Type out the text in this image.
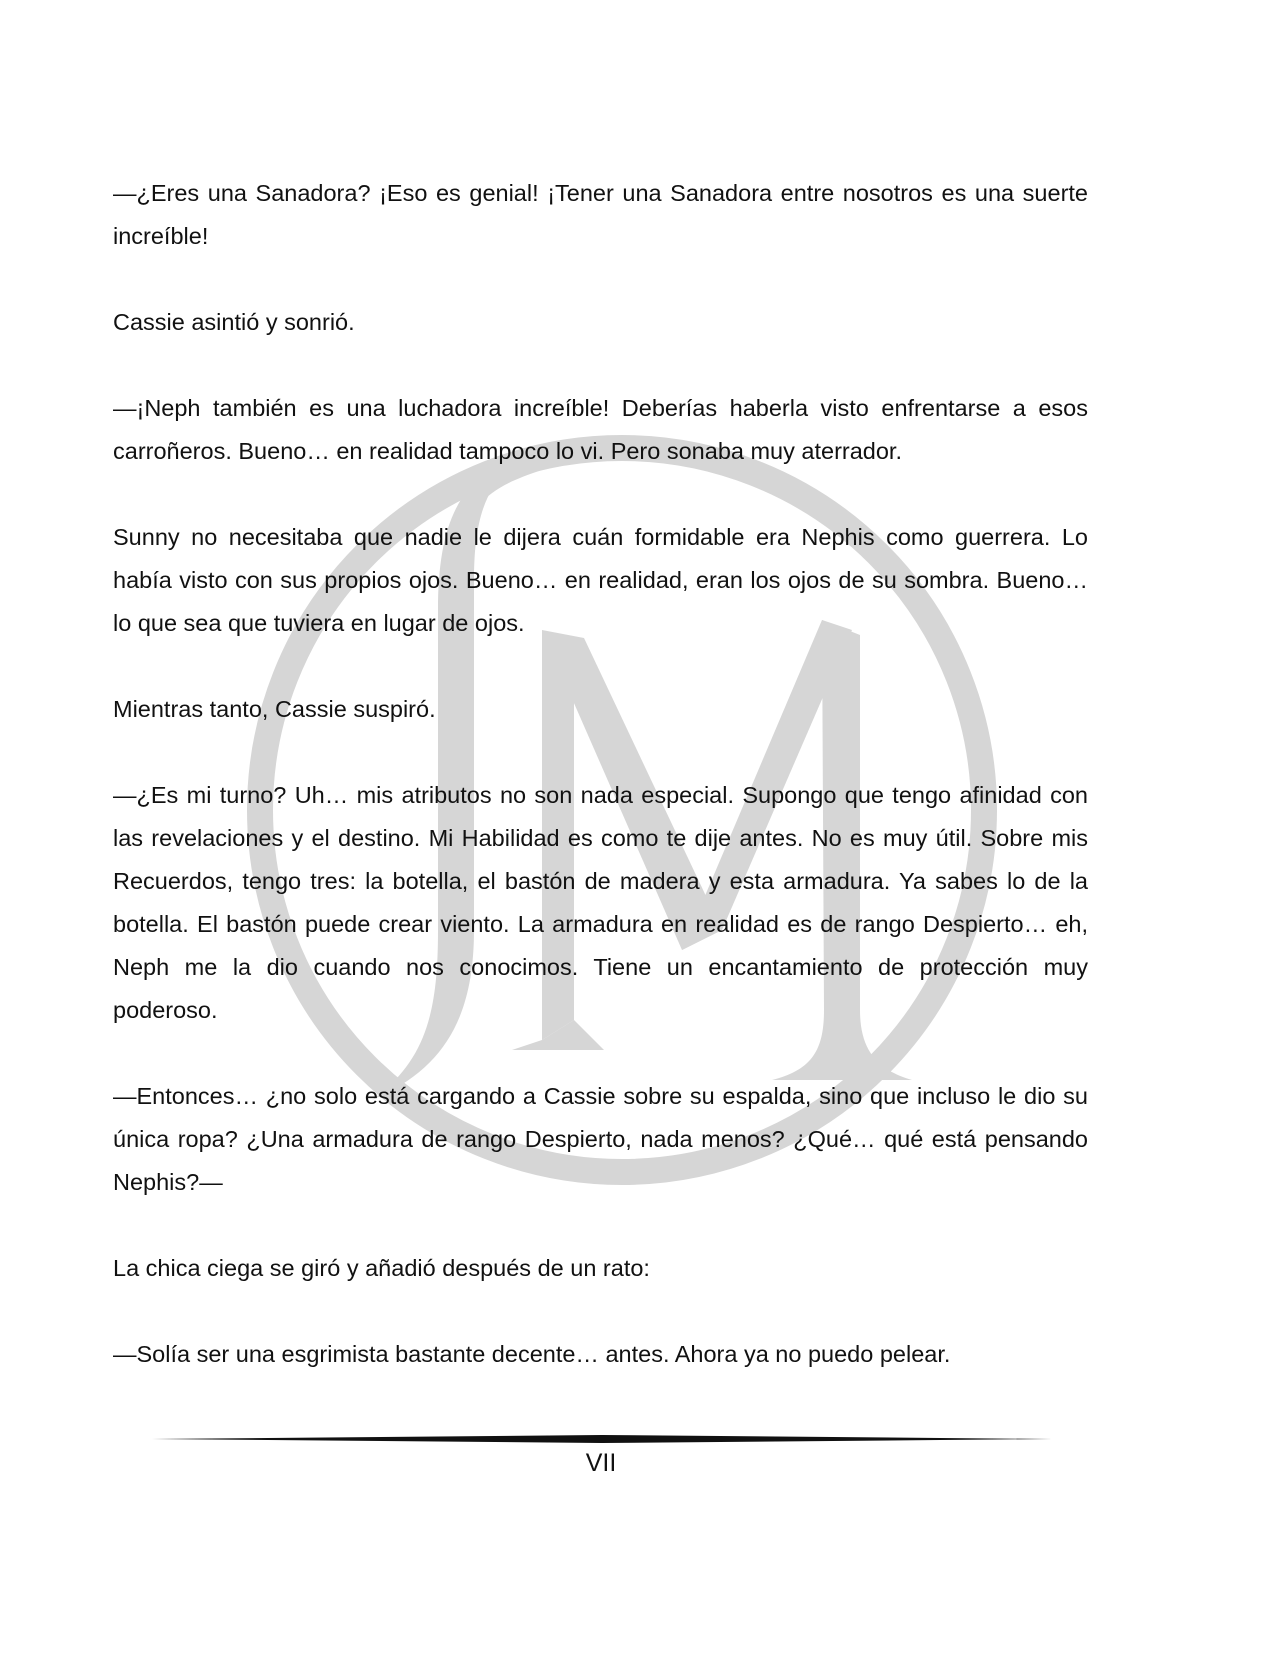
—¿Eres una Sanadora? ¡Eso es genial! ¡Tener una Sanadora entre nosotros es una suerte increíble!

Cassie asintió y sonrió.

—¡Neph también es una luchadora increíble! Deberías haberla visto enfrentarse a esos carroñeros. Bueno… en realidad tampoco lo vi. Pero sonaba muy aterrador.

Sunny no necesitaba que nadie le dijera cuán formidable era Nephis como guerrera. Lo había visto con sus propios ojos. Bueno… en realidad, eran los ojos de su sombra. Bueno… lo que sea que tuviera en lugar de ojos.

Mientras tanto, Cassie suspiró.

—¿Es mi turno? Uh… mis atributos no son nada especial. Supongo que tengo afinidad con las revelaciones y el destino. Mi Habilidad es como te dije antes. No es muy útil. Sobre mis Recuerdos, tengo tres: la botella, el bastón de madera y esta armadura. Ya sabes lo de la botella. El bastón puede crear viento. La armadura en realidad es de rango Despierto… eh, Neph me la dio cuando nos conocimos. Tiene un encantamiento de protección muy poderoso.

—Entonces… ¿no solo está cargando a Cassie sobre su espalda, sino que incluso le dio su única ropa? ¿Una armadura de rango Despierto, nada menos? ¿Qué… qué está pensando Nephis?—

La chica ciega se giró y añadió después de un rato:

—Solía ser una esgrimista bastante decente… antes. Ahora ya no puedo pelear.

VII
